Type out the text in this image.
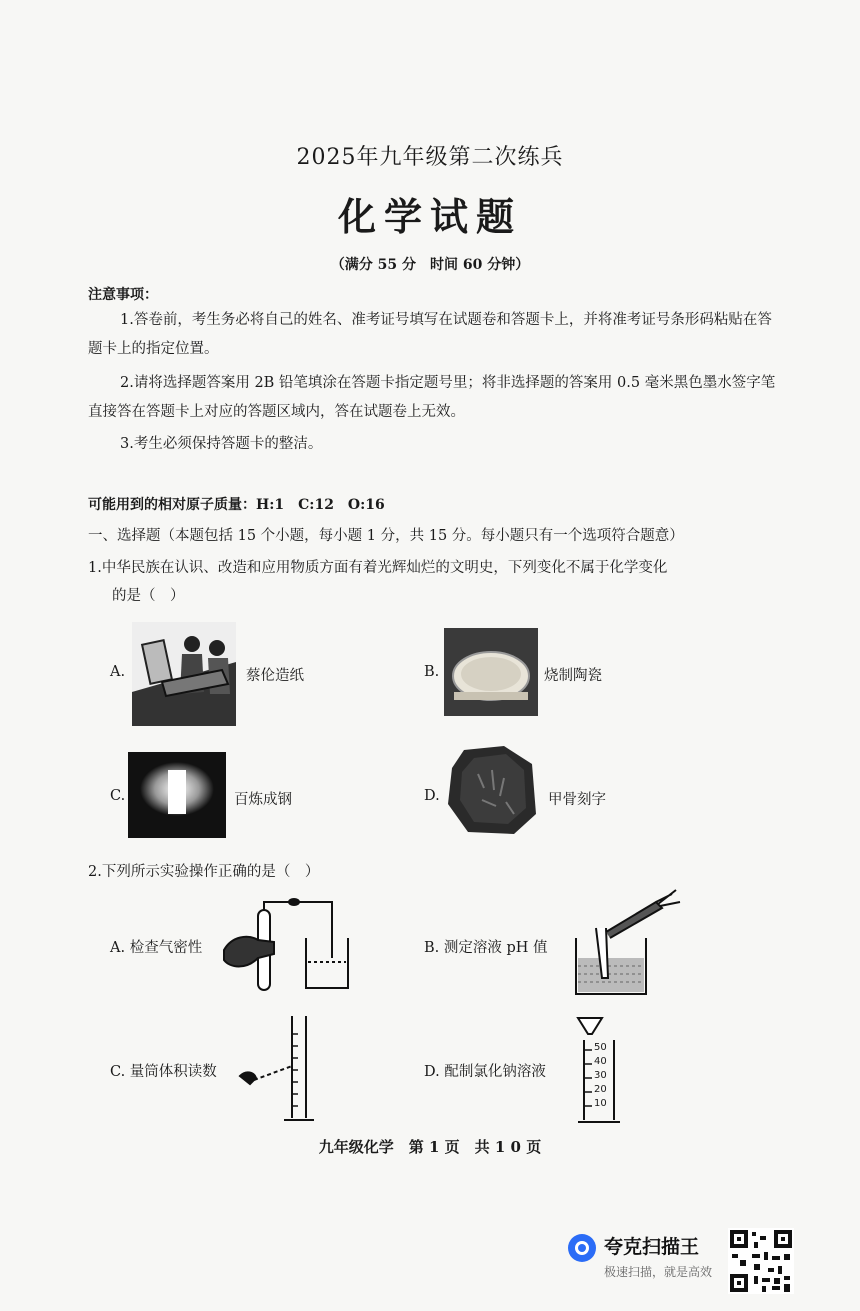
2025年九年级第二次练兵
化学试题
（满分 55 分　时间 60 分钟）
注意事项：
1.答卷前，考生务必将自己的姓名、准考证号填写在试题卷和答题卡上，并将准考证号条形码粘贴在答题卡上的指定位置。
2.请将选择题答案用 2B 铅笔填涂在答题卡指定题号里；将非选择题的答案用 0.5 毫米黑色墨水签字笔直接答在答题卡上对应的答题区域内，答在试题卷上无效。
3.考生必须保持答题卡的整洁。
可能用到的相对原子质量：H:1　C:12　O:16
一、选择题（本题包括 15 个小题，每小题 1 分，共 15 分。每小题只有一个选项符合题意）
1.中华民族在认识、改造和应用物质方面有着光辉灿烂的文明史，下列变化不属于化学变化
的是（　）
A.	蔡伦造纸	B.	烧制陶瓷
C.	百炼成钢	D.	甲骨刻字
2.下列所示实验操作正确的是（　）
A. 检查气密性	B. 测定溶液 pH 值
C. 量筒体积读数	D. 配制氯化钠溶液
50
40
30
20
10
九年级化学　第 1 页　共 1 0 页
夸克扫描王
极速扫描，就是高效
